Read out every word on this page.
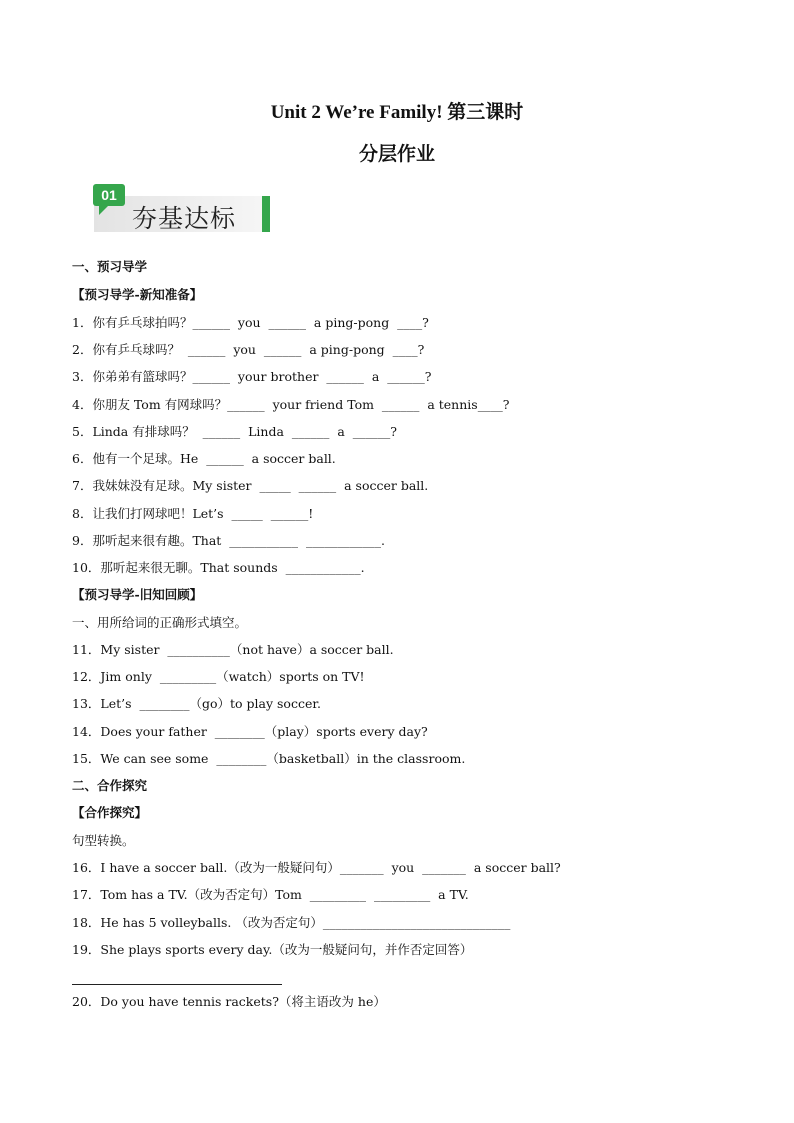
Unit 2 We’re Family! 第三课时
分层作业
01
夯基达标
一、预习导学
【预习导学-新知准备】
1．你有乒乓球拍吗？______  you  ______  a ping-pong  ____?
2．你有乒乓球吗？  ______  you  ______  a ping-pong  ____?
3．你弟弟有篮球吗？______  your brother  ______  a  ______?
4．你朋友 Tom 有网球吗？______  your friend Tom  ______  a tennis____?
5．Linda 有排球吗？  ______  Linda  ______  a  ______?
6．他有一个足球。He  ______  a soccer ball.
7．我妹妹没有足球。My sister  _____  ______  a soccer ball.
8．让我们打网球吧！Let’s  _____  ______!
9．那听起来很有趣。That  ___________  ____________.
10．那听起来很无聊。That sounds  ____________.
【预习导学-旧知回顾】
一、用所给词的正确形式填空。
11．My sister  __________（not have）a soccer ball.
12．Jim only  _________（watch）sports on TV!
13．Let’s  ________（go）to play soccer.
14．Does your father  ________（play）sports every day?
15．We can see some  ________（basketball）in the classroom.
二、合作探究
【合作探究】
句型转换。
16．I have a soccer ball.（改为一般疑问句）_______  you  _______  a soccer ball?
17．Tom has a TV.（改为否定句）Tom  _________  _________  a TV.
18．He has 5 volleyballs. （改为否定句）______________________________
19．She plays sports every day.（改为一般疑问句，并作否定回答）
20．Do you have tennis rackets?（将主语改为 he）
